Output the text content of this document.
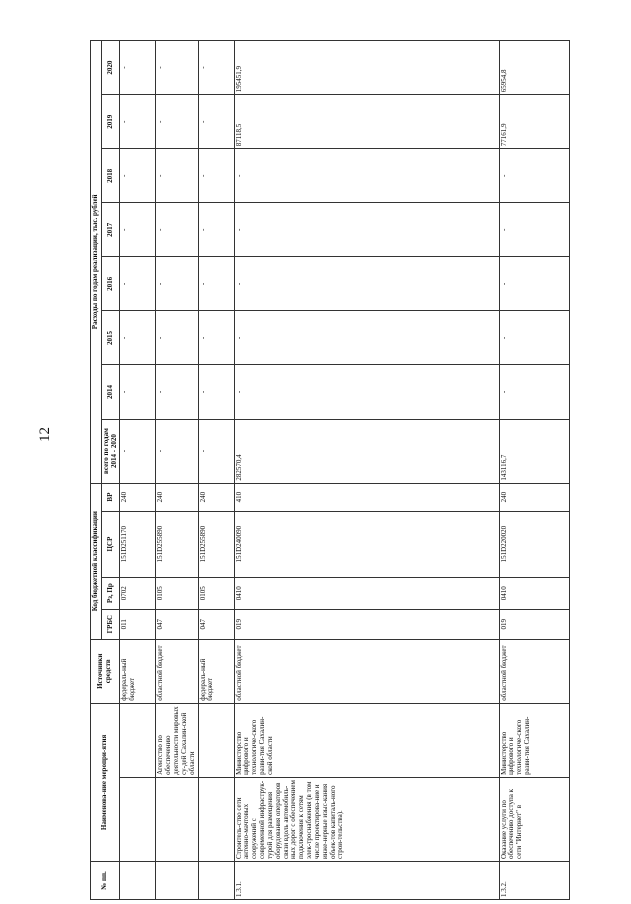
12
№ пп.	Наименова-ние меропри-ятия		Источники средств	Код бюджетной классификации				Расходы по годам реализации, тыс. рублей							
				ГРБС	Рз, Пр	ЦСР	ВР	всего по годам 2014 - 2020	2014	2015	2016	2017	2018	2019	2020
			федераль-ный бюджет	011	0702	151D251170	240	-	-	-	-	-	-	-	-
		Агентство по обеспечению деятельности мировых су-дей Сахалин-ской области	областной бюджет	047	0105	151D255890	240	-	-	-	-	-	-	-	-
			федераль-ный бюджет	047	0105	151D255890	240	-	-	-	-	-	-	-	-
1.3.1.	Строитель-ство сети антенно-мачтовых сооружений с современной инфраструк-турой для размещения оборудования операторов связи вдоль автомобиль-ных дорог с обеспечением подключения к сетям элек-троснабжения (в том числе проектирова-ние и инже-нерные изыс-кания объек-тов капиталь-ного строи-тельства).	Министерство цифрового и технологиче-ского разви-тия Сахалин-ской области	областной бюджет	019	0410	151D240090	410	282570,4	-	-	-	-	-	87118,5	195451,9
1.3.2.	Оказание услуги по обеспечению доступа к сети "Интернет" в	Министерство цифрового и технологиче-ского разви-тия Сахалин-	областной бюджет	019	0410	151D220020	240	143116,7	-	-	-	-	-	77161,9	65954,8
